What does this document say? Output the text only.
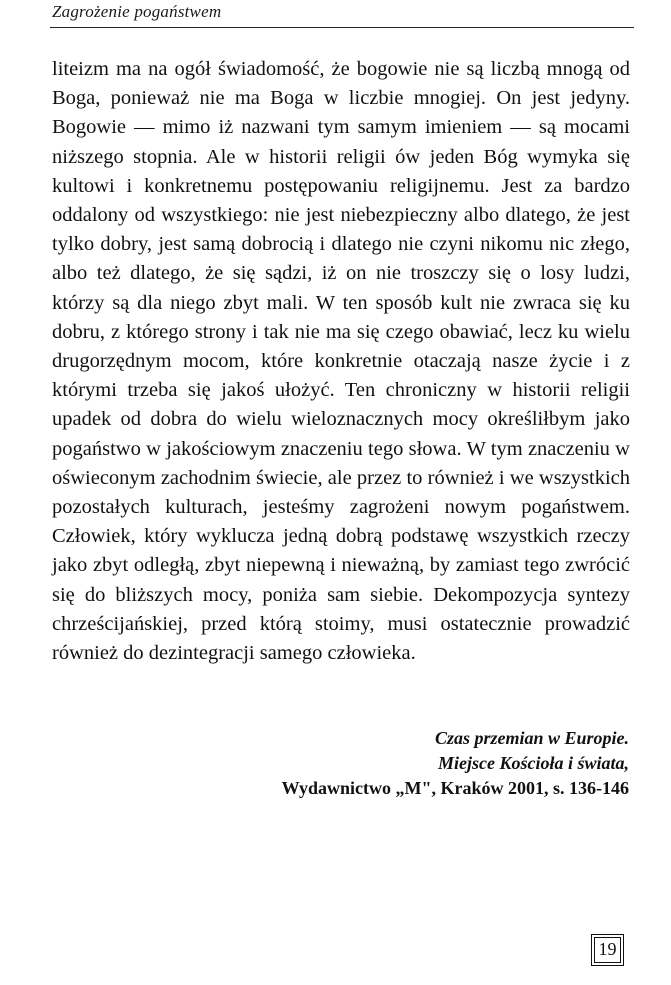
Zagrożenie pogaństwem

liteizm ma na ogół świadomość, że bogowie nie są liczbą mnogą od Boga, ponieważ nie ma Boga w liczbie mnogiej. On jest jedyny. Bogowie — mimo iż nazwani tym samym imieniem — są mocami niższego stopnia. Ale w historii religii ów jeden Bóg wymyka się kultowi i konkretnemu postępowaniu religijnemu. Jest za bardzo oddalony od wszystkiego: nie jest niebezpieczny albo dlatego, że jest tylko dobry, jest samą dobrocią i dlatego nie czyni nikomu nic złego, albo też dlatego, że się sądzi, iż on nie troszczy się o losy ludzi, którzy są dla niego zbyt mali. W ten sposób kult nie zwraca się ku dobru, z którego strony i tak nie ma się czego obawiać, lecz ku wielu drugorzędnym mocom, które konkretnie otaczają nasze życie i z którymi trzeba się jakoś ułożyć. Ten chroniczny w historii religii upadek od dobra do wielu wieloznacznych mocy określiłbym jako pogaństwo w jakościowym znaczeniu tego słowa. W tym znaczeniu w oświeconym zachodnim świecie, ale przez to również i we wszystkich pozostałych kulturach, jesteśmy zagrożeni nowym pogaństwem. Człowiek, który wyklucza jedną dobrą podstawę wszystkich rzeczy jako zbyt odległą, zbyt niepewną i nieważną, by zamiast tego zwrócić się do bliższych mocy, poniża sam siebie. Dekompozycja syntezy chrześcijańskiej, przed którą stoimy, musi ostatecznie prowadzić również do dezintegracji samego człowieka.

Czas przemian w Europie.
Miejsce Kościoła i świata,
Wydawnictwo „M", Kraków 2001, s. 136-146

19
